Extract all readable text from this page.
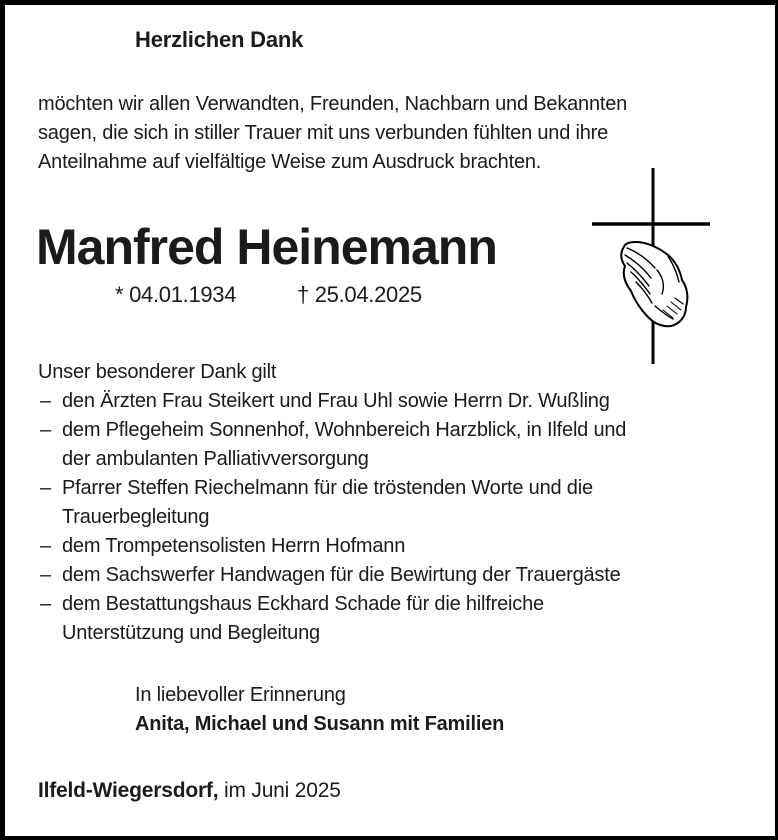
Herzlichen Dank
möchten wir allen Verwandten, Freunden, Nachbarn und Bekannten
sagen, die sich in stiller Trauer mit uns verbunden fühlten und ihre
Anteilnahme auf vielfältige Weise zum Ausdruck brachten.
Manfred Heinemann
* 04.01.1934	† 25.04.2025
Unser besonderer Dank gilt
– den Ärzten Frau Steikert und Frau Uhl sowie Herrn Dr. Wußling
– dem Pflegeheim Sonnenhof, Wohnbereich Harzblick, in Ilfeld und
der ambulanten Palliativversorgung
– Pfarrer Steffen Riechelmann für die tröstenden Worte und die
Trauerbegleitung
– dem Trompetensolisten Herrn Hofmann
– dem Sachswerfer Handwagen für die Bewirtung der Trauergäste
– dem Bestattungshaus Eckhard Schade für die hilfreiche
Unterstützung und Begleitung
In liebevoller Erinnerung
Anita, Michael und Susann mit Familien
Ilfeld-Wiegersdorf, im Juni 2025
